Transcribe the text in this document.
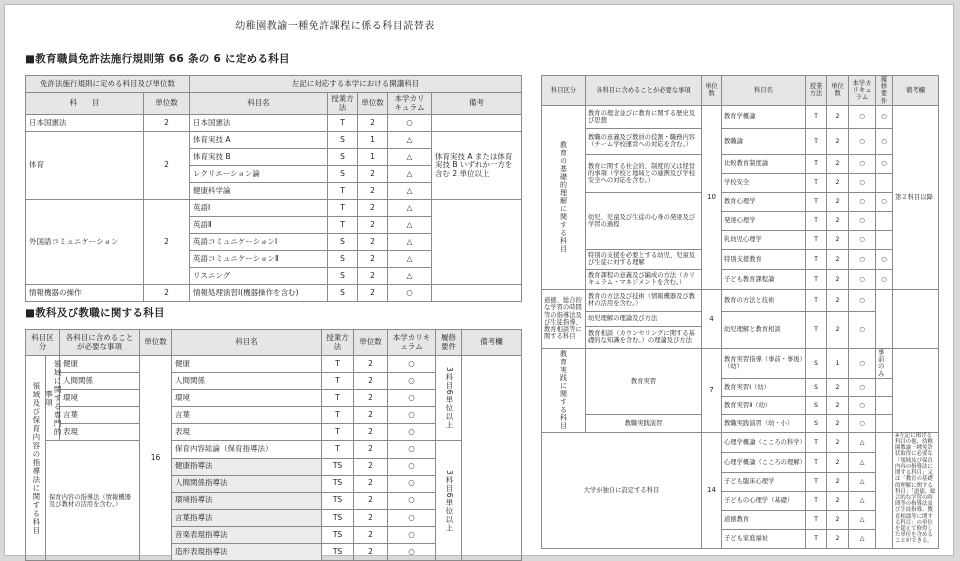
幼稚園教諭一種免許課程に係る科目読替表
■教育職員免許法施行規則第 66 条の 6 に定める科目
免許法施行規則に定める科目及び単位数		左記に対応する本学における開講科目				
科　　目	単位数	科目名	授業方法	単位数	本学カリキュラム	備考
日本国憲法	2	日本国憲法	T	2	○	
体育	2	体育実技 A	S	1	△	体育実技 A または体育実技 B いずれか一方を含む 2 単位以上
		体育実技 B	S	1	△	
		レクリエーション論	S	2	△	
		健康科学論	T	2	△	
外国語コミュニケーション	2	英語Ⅰ	T	2	△	
		英語Ⅱ	T	2	△	
		英語コミュニケーションⅠ	S	2	△	
		英語コミュニケーションⅡ	S	2	△	
		リスニング	S	2	△	
情報機器の操作	2	情報処理演習Ⅰ(機器操作を含む)	S	2	○	
■教科及び教職に関する科目
科目区分		各科目に含めることが必要な事項	単位数	科目名	授業方法	単位数	本学カリキュラム	履修要件	備考欄
領域及び保育内容の指導法に関する科目	領域に関する専門的事項	健康	16	健康	T	2	○	3科目6単位以上	
		人間関係		人間関係	T	2	○		
		環境		環境	T	2	○		
		言葉		言葉	T	2	○		
		表現		表現	T	2	○		
	保育内容の指導法（情報機器及び教材の活用を含む。）			保育内容総論（保育指導法）	T	2	○	3科目6単位以上	
				健康指導法	TS	2	○		
				人間関係指導法	TS	2	○		
				環境指導法	TS	2	○		
				言葉指導法	TS	2	○		
				音楽表現指導法	TS	2	○		
				造形表現指導法	TS	2	○		
科目区分	各科目に含めることが必要な事項	単位数	科目名	授業方法	単位数	本学カリキュラム	履修要件	備考欄
教育の基礎的理解に関する科目	教育の理念並びに教育に関する歴史及び思想	10	教育学概論	T	2	○	○	第２科目以降
	教職の意義及び教員の役割・職務内容（チーム学校運営への対応を含む。）		教職論	T	2	○	○	
	教育に関する社会的、制度的又は経営的事項（学校と地域との連携及び学校安全への対応を含む。）		比較教育制度論	T	2	○	○	
			学校安全	T	2	○		
	幼児、児童及び生徒の心身の発達及び学習の過程		教育心理学	T	2	○	○	
			発達心理学	T	2	○		
			乳幼児心理学	T	2	○		
	特別の支援を必要とする幼児、児童及び生徒に対する理解		特別支援教育	T	2	○	○	
	教育課程の意義及び編成の方法（カリキュラム・マネジメントを含む。）		子ども教育課程論	T	2	○	○	
道徳、総合的な学習の時間等の指導法及び生徒指導、教育相談等に関する科目	教育の方法及び技術（情報機器及び教材の活用を含む。）	4	教育の方法と技術	T	2	○		
	幼児理解の理論及び方法		幼児理解と教育相談	T	2	○		
	教育相談（カウンセリングに関する基礎的な知識を含む。）の理論及び方法							
教育実践に関する科目	教育実習	7	教育実習指導（事前・事後）（幼）	S	1	○	事前のみ	
			教育実習Ⅰ（幼）	S	2	○		
			教育実習Ⅱ（幼）	S	2	○		
	教職実践演習		教職実践演習（幼・小）	S	2	○		
大学が独自に設定する科目		14	心理学概論（こころの科学）	T	2	△		※左記に掲げる科目の他、幼稚園教諭一種免許状取得に必要な「領域及び保育内容の指導法に関する科目」又は「教育の基礎的理解に関する科目」「道徳、総合的な学習の時間等の指導法及び生徒指導、教育相談等に関する科目」の単位を超えて修得した単位を含めることができる。
			心理学概論（こころの理解）	T	2	△		
			子ども臨床心理学	T	2	△		
			子どもの心理学（基礎）	T	2	△		
			道徳教育	T	2	△		
			子ども家庭福祉	T	2	△		
